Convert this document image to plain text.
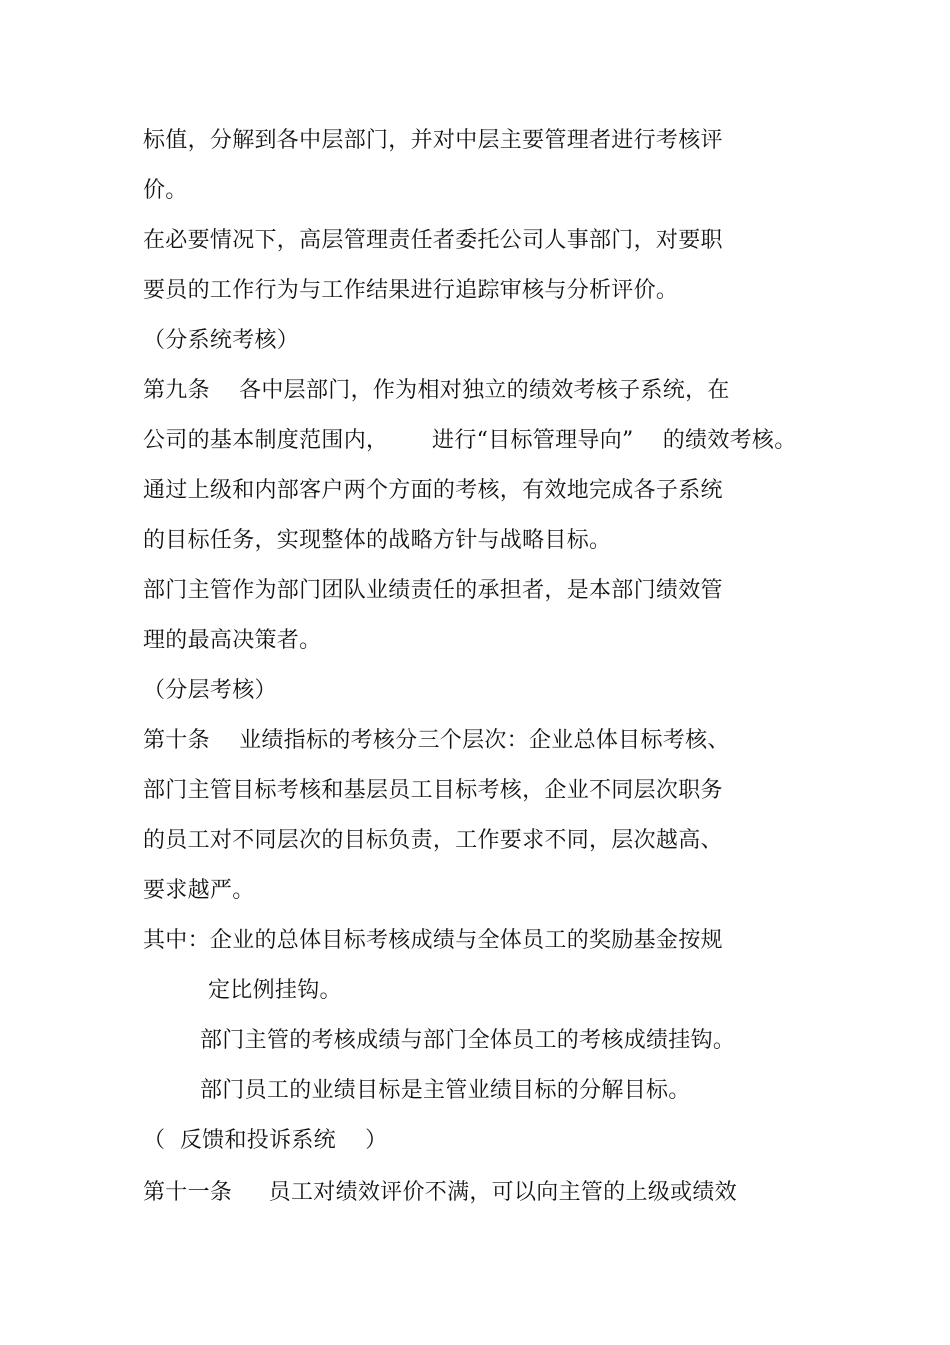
标值，分解到各中层部门，并对中层主要管理者进行考核评
价。
在必要情况下，高层管理责任者委托公司人事部门，对要职
要员的工作行为与工作结果进行追踪审核与分析评价。
（分系统考核）
第九条    各中层部门，作为相对独立的绩效考核子系统，在
公司的基本制度范围内，      进行“目标管理导向”    的绩效考核。
通过上级和内部客户两个方面的考核，有效地完成各子系统
的目标任务，实现整体的战略方针与战略目标。
部门主管作为部门团队业绩责任的承担者，是本部门绩效管
理的最高决策者。
（分层考核）
第十条    业绩指标的考核分三个层次：企业总体目标考核、
部门主管目标考核和基层员工目标考核，企业不同层次职务
的员工对不同层次的目标负责，工作要求不同，层次越高、
要求越严。
其中：企业的总体目标考核成绩与全体员工的奖励基金按规
定比例挂钩。
部门主管的考核成绩与部门全体员工的考核成绩挂钩。
部门员工的业绩目标是主管业绩目标的分解目标。
（  反馈和投诉系统    ）
第十一条     员工对绩效评价不满，可以向主管的上级或绩效
